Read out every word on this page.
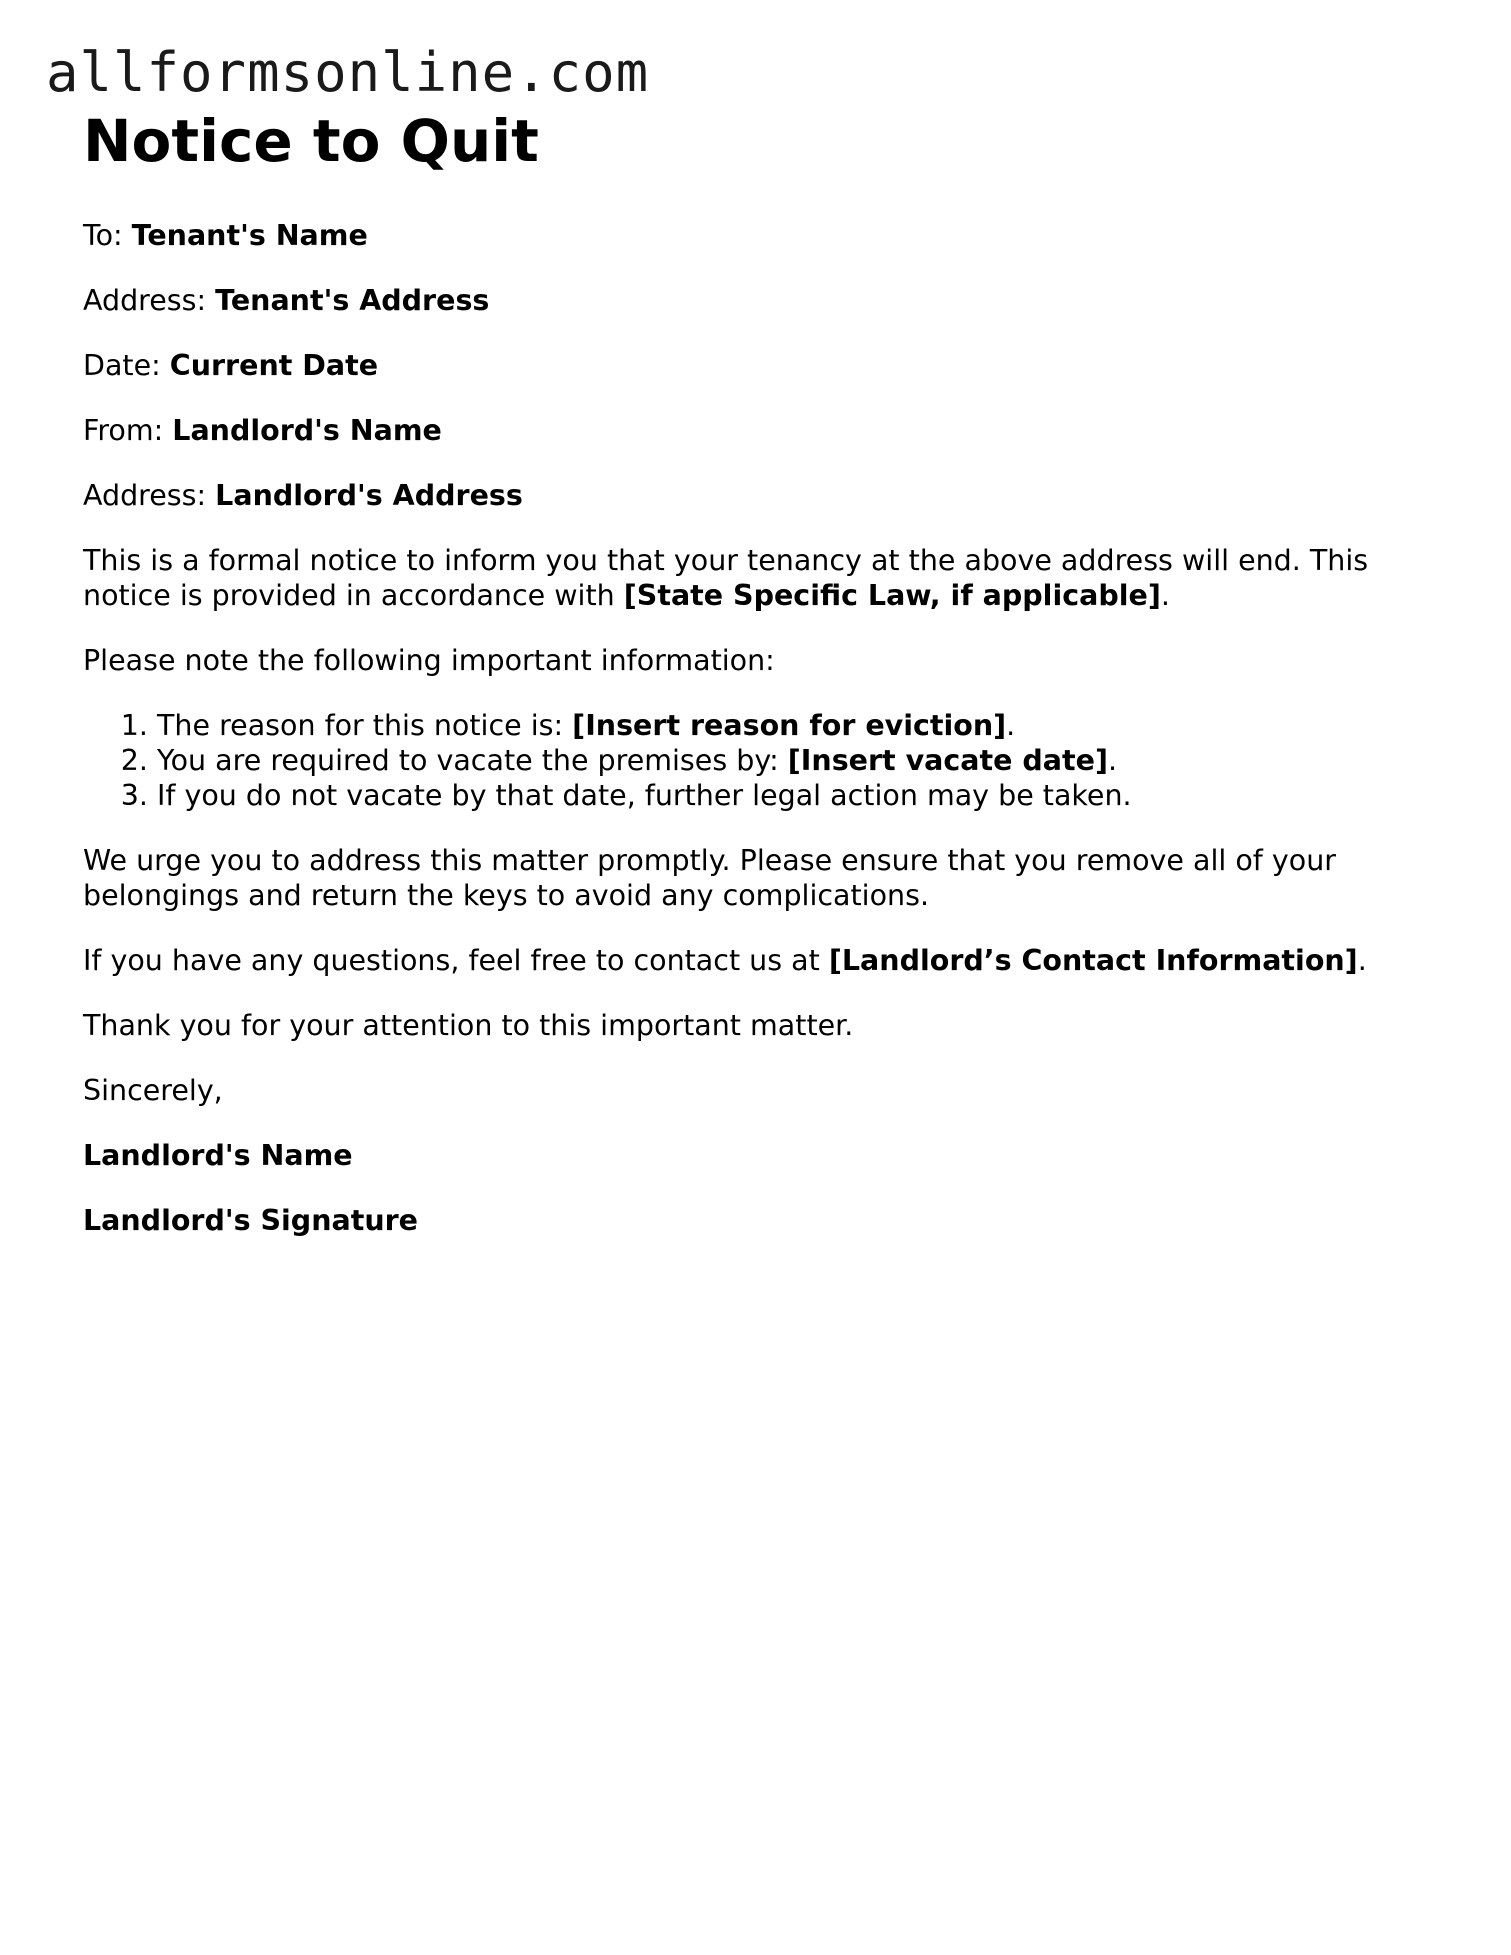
allformsonline.com
Notice to Quit

To: Tenant's Name

Address: Tenant's Address

Date: Current Date

From: Landlord's Name

Address: Landlord's Address

This is a formal notice to inform you that your tenancy at the above address will end. This notice is provided in accordance with [State Specific Law, if applicable].

Please note the following important information:

1. The reason for this notice is: [Insert reason for eviction].
2. You are required to vacate the premises by: [Insert vacate date].
3. If you do not vacate by that date, further legal action may be taken.

We urge you to address this matter promptly. Please ensure that you remove all of your belongings and return the keys to avoid any complications.

If you have any questions, feel free to contact us at [Landlord’s Contact Information].

Thank you for your attention to this important matter.

Sincerely,

Landlord's Name

Landlord's Signature
